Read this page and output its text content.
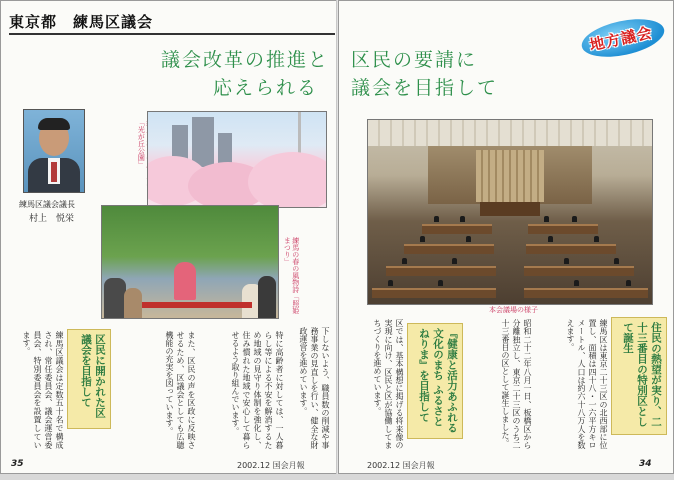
東京都　練馬区議会
議会改革の推進と
応えられる
練馬区議会議長
村上　悦栄
「光が丘公園」
練馬の春の風物詩「照姫まつり」
下しないよう、職員数の削減や事務事業の見直しを行い、健全な財政運営を進めています。
特に高齢者に対しては、一人暮らし等による不安を解消するため地域の見守り体制を強化し、住み慣れた地域で安心して暮らせるよう取り組んでいます。
また、区民の声を区政に反映させるため、区議会としても広聴機能の充実を図っています。
区民に開かれた区議会を目指して
練馬区議会は定数五十名で構成され、常任委員会、議会運営委員会、特別委員会を設置しています。
35	2002.12 国会月報
地方議会
区民の要請に
議会を目指して
本会議場の様子
住民の熱望が実り、二十三番目の特別区として誕生
練馬区は東京二十三区の北西部に位置し、面積は四十八・一六平方キロメートル、人口は約六十八万人を数えます。
昭和二十二年八月一日、板橋区から分離独立し、東京二十三区のうち二十三番目の区として誕生しました。
『健康と活力あふれる文化のまち ふるさとねりま』を目指して
区では、基本構想に掲げる将来像の実現に向け、区民と区が協働してまちづくりを進めています。
2002.12 国会月報	34
